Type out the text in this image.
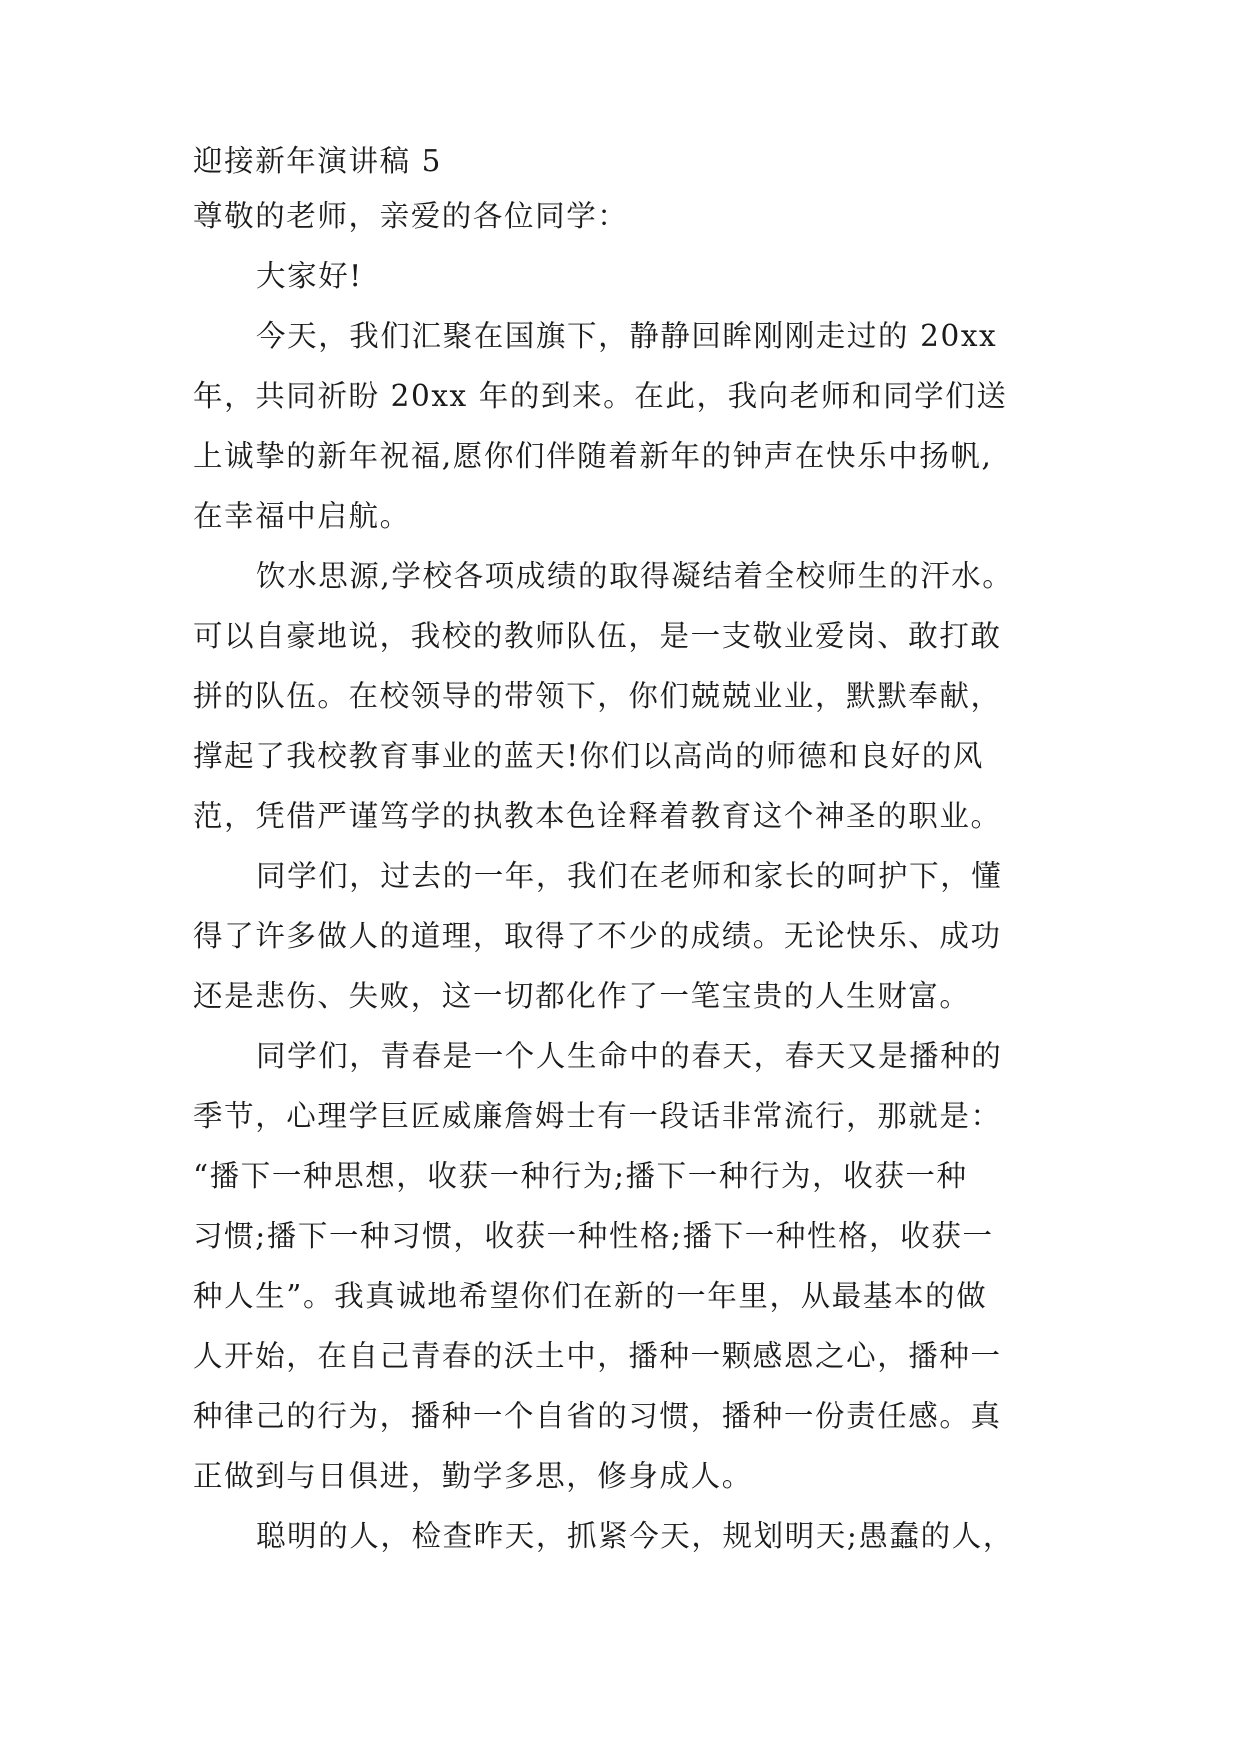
迎接新年演讲稿 5
尊敬的老师，亲爱的各位同学：
大家好!
今天，我们汇聚在国旗下，静静回眸刚刚走过的 20xx
年，共同祈盼 20xx 年的到来。在此，我向老师和同学们送
上诚挚的新年祝福,愿你们伴随着新年的钟声在快乐中扬帆,
在幸福中启航。
饮水思源,学校各项成绩的取得凝结着全校师生的汗水。
可以自豪地说，我校的教师队伍，是一支敬业爱岗、敢打敢
拼的队伍。在校领导的带领下，你们兢兢业业，默默奉献，
撑起了我校教育事业的蓝天!你们以高尚的师德和良好的风
范，凭借严谨笃学的执教本色诠释着教育这个神圣的职业。
同学们，过去的一年，我们在老师和家长的呵护下，懂
得了许多做人的道理，取得了不少的成绩。无论快乐、成功
还是悲伤、失败，这一切都化作了一笔宝贵的人生财富。
同学们，青春是一个人生命中的春天，春天又是播种的
季节，心理学巨匠威廉詹姆士有一段话非常流行，那就是：
“播下一种思想，收获一种行为;播下一种行为，收获一种
习惯;播下一种习惯，收获一种性格;播下一种性格，收获一
种人生”。我真诚地希望你们在新的一年里，从最基本的做
人开始，在自己青春的沃土中，播种一颗感恩之心，播种一
种律己的行为，播种一个自省的习惯，播种一份责任感。真
正做到与日俱进，勤学多思，修身成人。
聪明的人，检查昨天，抓紧今天，规划明天;愚蠢的人，
